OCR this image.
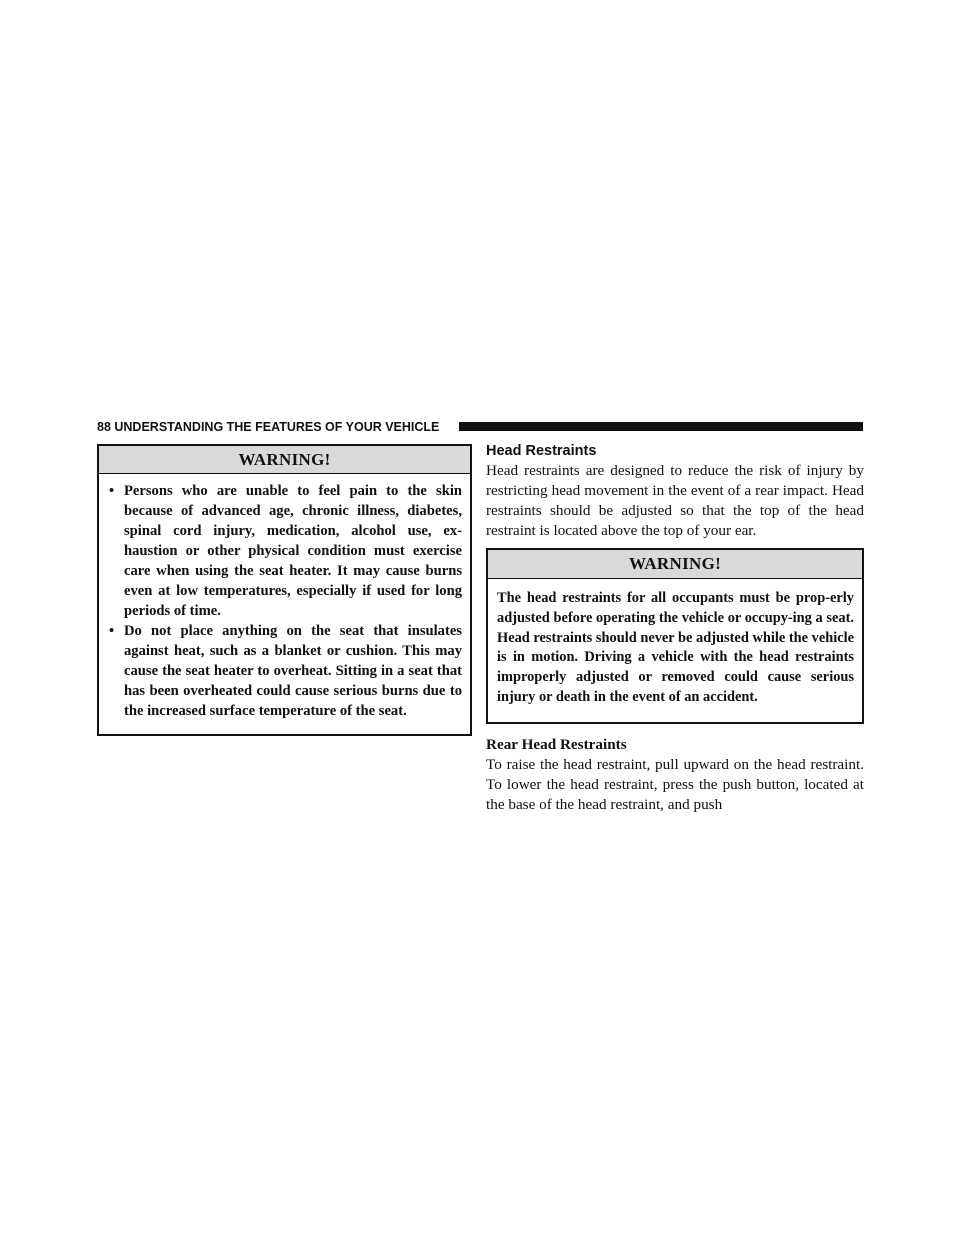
88 UNDERSTANDING THE FEATURES OF YOUR VEHICLE
WARNING!
• Persons who are unable to feel pain to the skin because of advanced age, chronic illness, diabetes, spinal cord injury, medication, alcohol use, ex-haustion or other physical condition must exercise care when using the seat heater. It may cause burns even at low temperatures, especially if used for long periods of time.
• Do not place anything on the seat that insulates against heat, such as a blanket or cushion. This may cause the seat heater to overheat. Sitting in a seat that has been overheated could cause serious burns due to the increased surface temperature of the seat.
Head Restraints

Head restraints are designed to reduce the risk of injury by restricting head movement in the event of a rear impact. Head restraints should be adjusted so that the top of the head restraint is located above the top of your ear.

WARNING!
The head restraints for all occupants must be prop-erly adjusted before operating the vehicle or occupy-ing a seat. Head restraints should never be adjusted while the vehicle is in motion. Driving a vehicle with the head restraints improperly adjusted or removed could cause serious injury or death in the event of an accident.
Rear Head Restraints

To raise the head restraint, pull upward on the head restraint. To lower the head restraint, press the push button, located at the base of the head restraint, and push
